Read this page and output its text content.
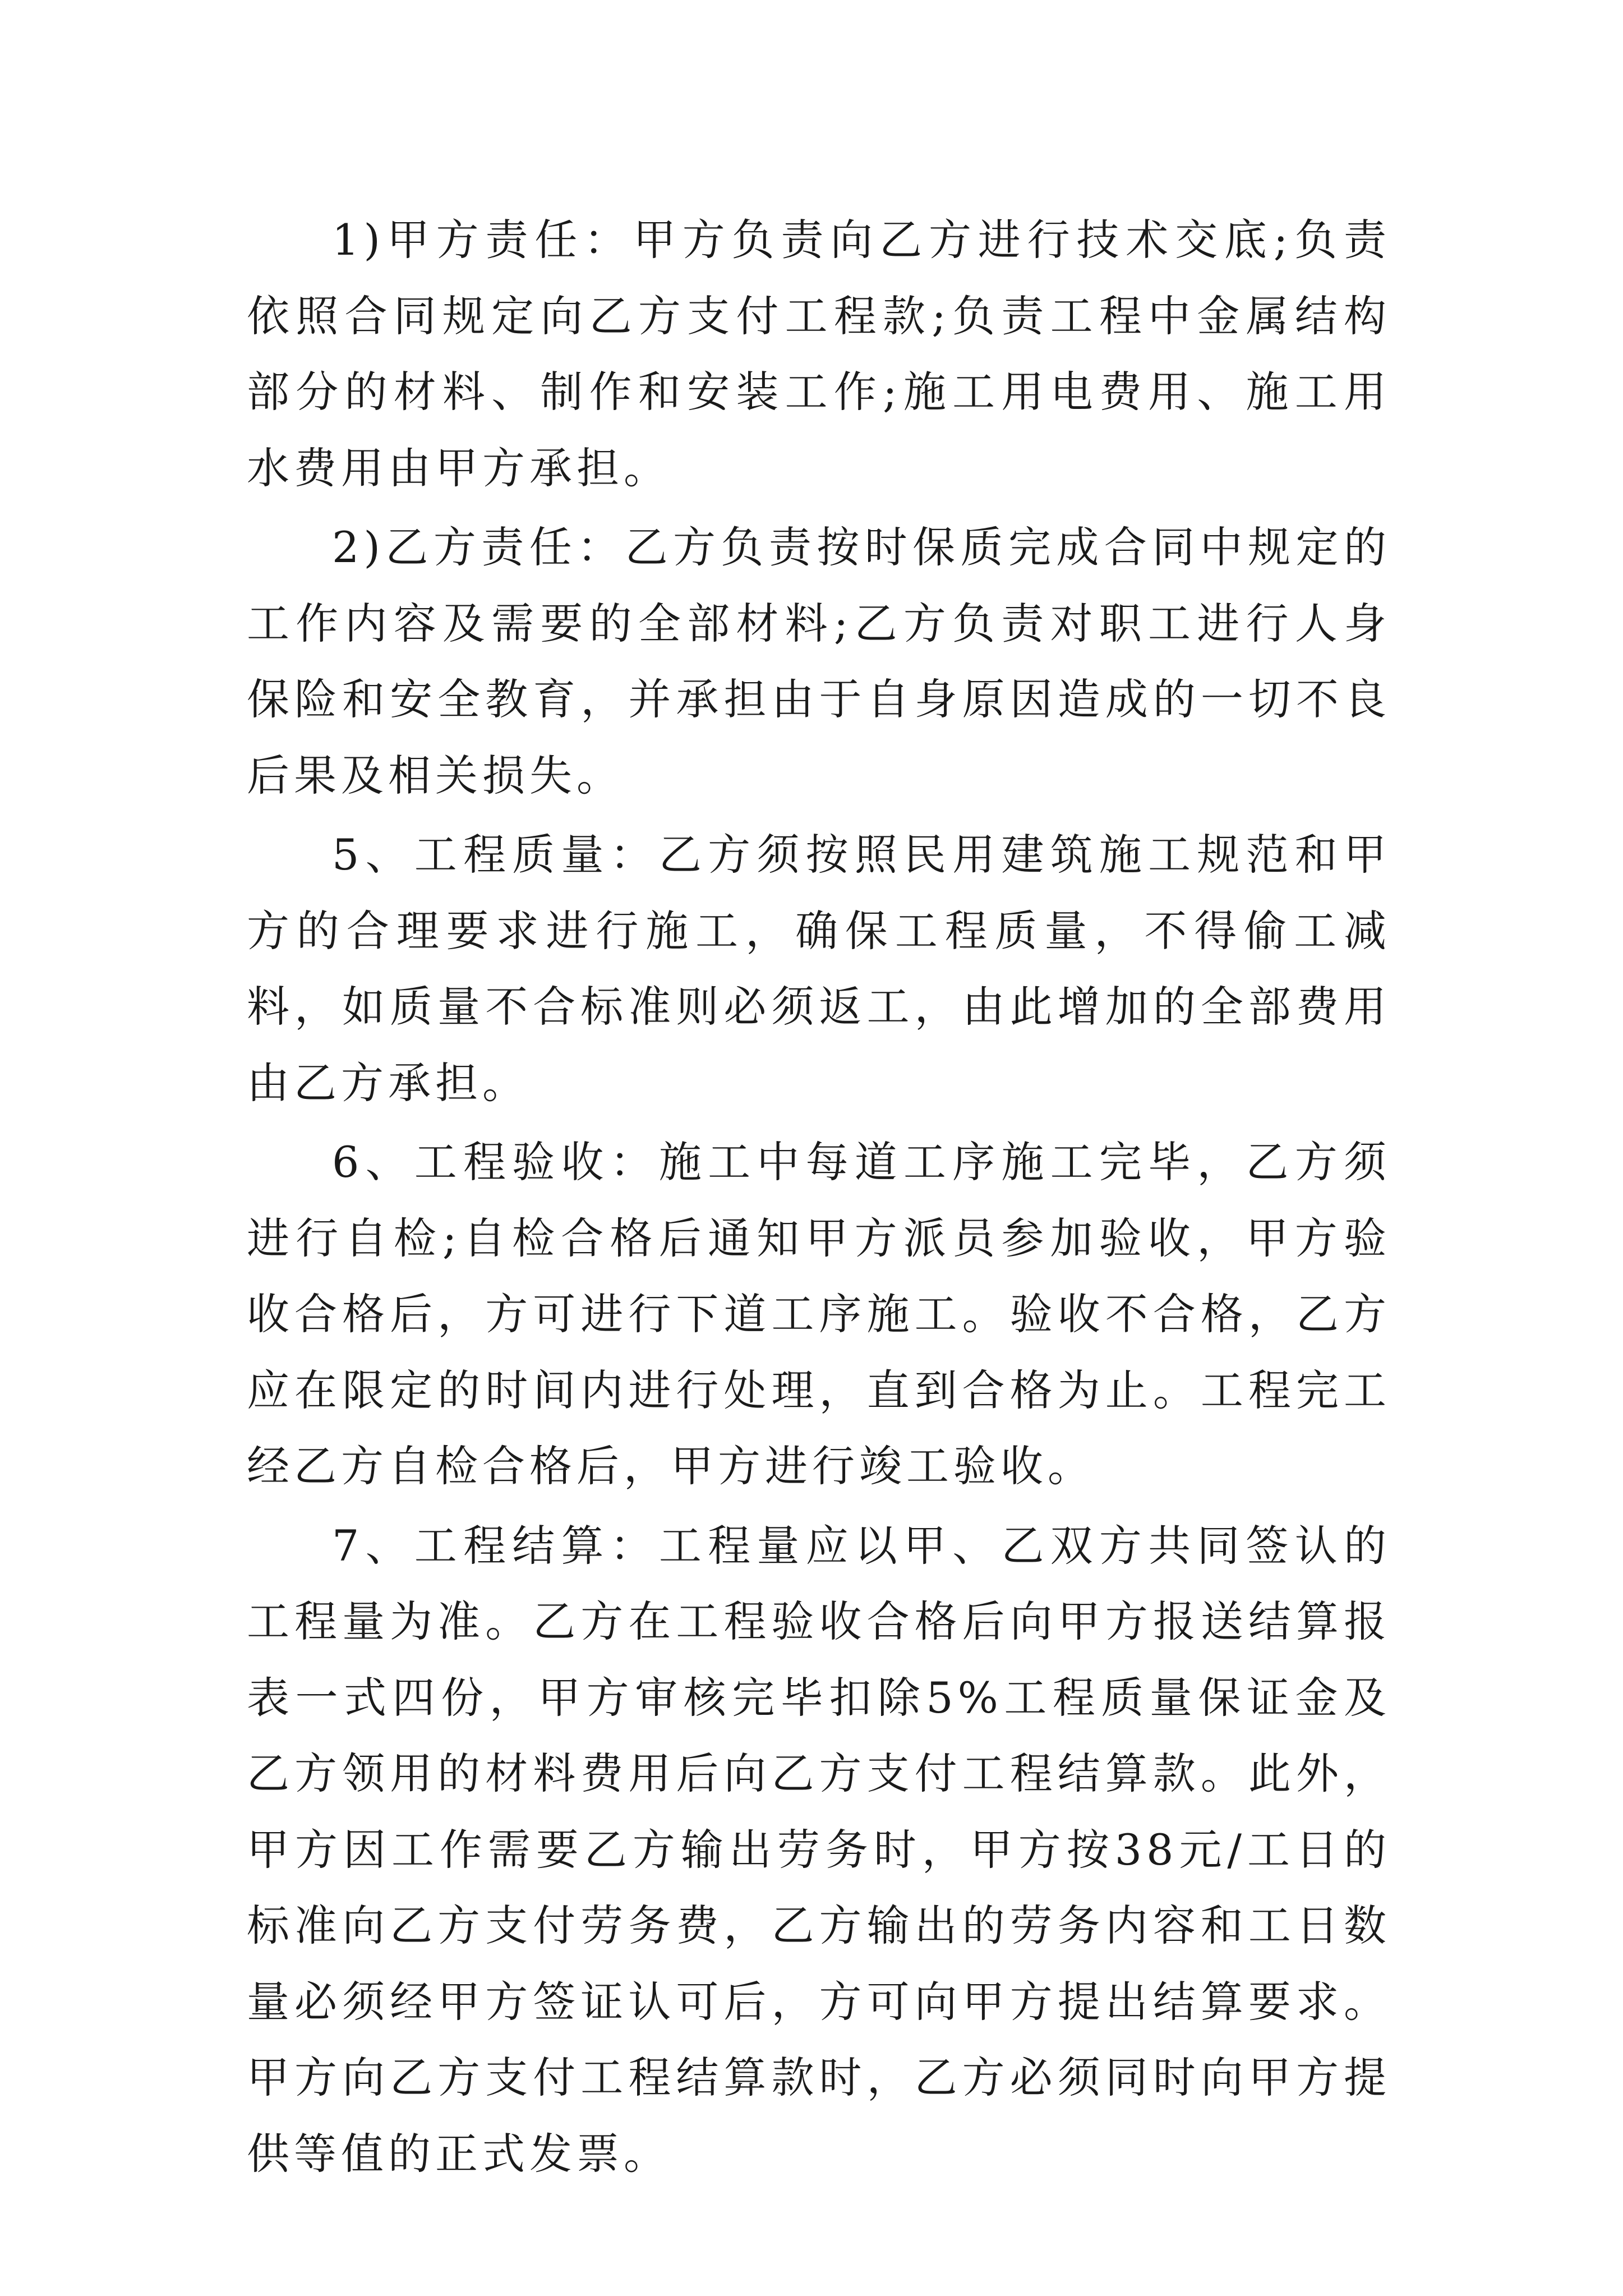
1)甲方责任：甲方负责向乙方进行技术交底;负责依照合同规定向乙方支付工程款;负责工程中金属结构部分的材料、制作和安装工作;施工用电费用、施工用水费用由甲方承担。

2)乙方责任：乙方负责按时保质完成合同中规定的工作内容及需要的全部材料;乙方负责对职工进行人身保险和安全教育，并承担由于自身原因造成的一切不良后果及相关损失。

5、工程质量：乙方须按照民用建筑施工规范和甲方的合理要求进行施工，确保工程质量，不得偷工减料，如质量不合标准则必须返工，由此增加的全部费用由乙方承担。

6、工程验收：施工中每道工序施工完毕，乙方须进行自检;自检合格后通知甲方派员参加验收，甲方验收合格后，方可进行下道工序施工。验收不合格，乙方应在限定的时间内进行处理，直到合格为止。工程完工经乙方自检合格后，甲方进行竣工验收。

7、工程结算：工程量应以甲、乙双方共同签认的工程量为准。乙方在工程验收合格后向甲方报送结算报表一式四份，甲方审核完毕扣除5%工程质量保证金及乙方领用的材料费用后向乙方支付工程结算款。此外，甲方因工作需要乙方输出劳务时，甲方按38元/工日的标准向乙方支付劳务费，乙方输出的劳务内容和工日数量必须经甲方签证认可后，方可向甲方提出结算要求。甲方向乙方支付工程结算款时，乙方必须同时向甲方提供等值的正式发票。
